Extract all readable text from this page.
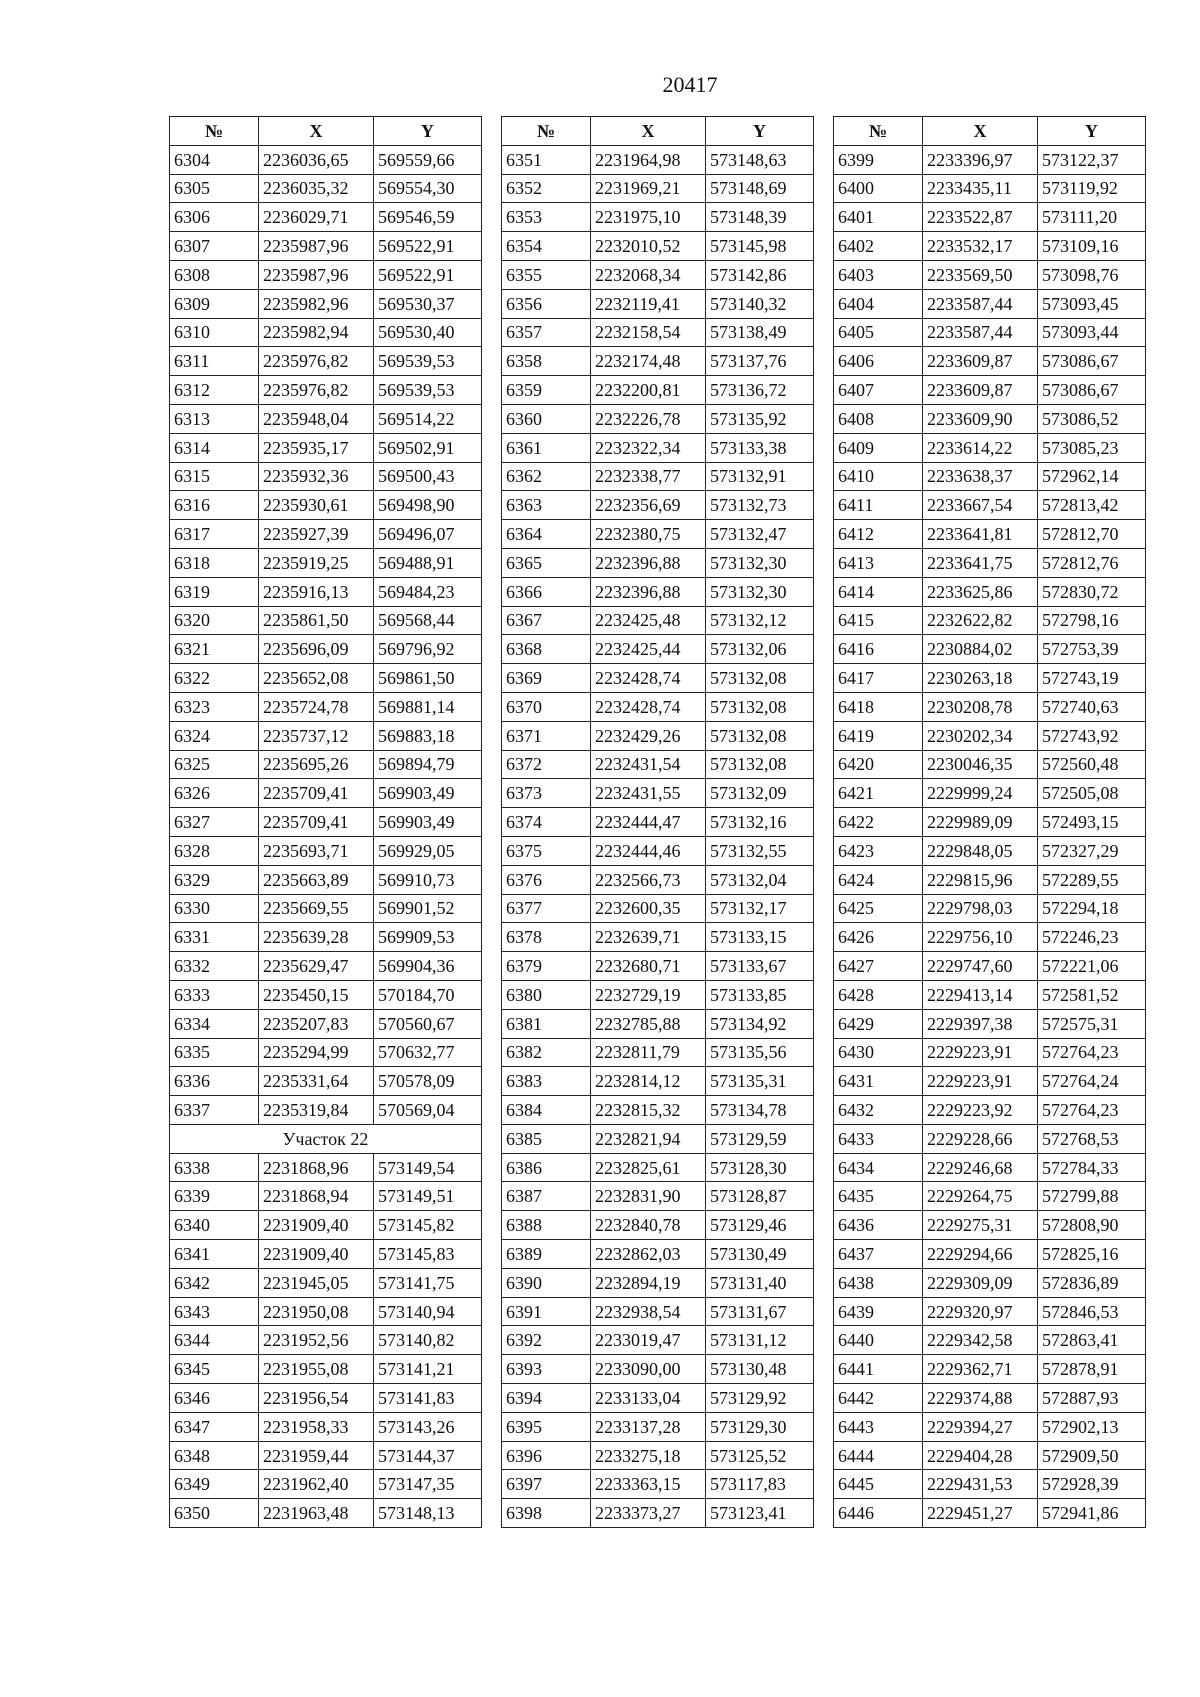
20417
№	X	Y
6304	2236036,65	569559,66
6305	2236035,32	569554,30
6306	2236029,71	569546,59
6307	2235987,96	569522,91
6308	2235987,96	569522,91
6309	2235982,96	569530,37
6310	2235982,94	569530,40
6311	2235976,82	569539,53
6312	2235976,82	569539,53
6313	2235948,04	569514,22
6314	2235935,17	569502,91
6315	2235932,36	569500,43
6316	2235930,61	569498,90
6317	2235927,39	569496,07
6318	2235919,25	569488,91
6319	2235916,13	569484,23
6320	2235861,50	569568,44
6321	2235696,09	569796,92
6322	2235652,08	569861,50
6323	2235724,78	569881,14
6324	2235737,12	569883,18
6325	2235695,26	569894,79
6326	2235709,41	569903,49
6327	2235709,41	569903,49
6328	2235693,71	569929,05
6329	2235663,89	569910,73
6330	2235669,55	569901,52
6331	2235639,28	569909,53
6332	2235629,47	569904,36
6333	2235450,15	570184,70
6334	2235207,83	570560,67
6335	2235294,99	570632,77
6336	2235331,64	570578,09
6337	2235319,84	570569,04
Участок 22		
6338	2231868,96	573149,54
6339	2231868,94	573149,51
6340	2231909,40	573145,82
6341	2231909,40	573145,83
6342	2231945,05	573141,75
6343	2231950,08	573140,94
6344	2231952,56	573140,82
6345	2231955,08	573141,21
6346	2231956,54	573141,83
6347	2231958,33	573143,26
6348	2231959,44	573144,37
6349	2231962,40	573147,35
6350	2231963,48	573148,13
№	X	Y
6351	2231964,98	573148,63
6352	2231969,21	573148,69
6353	2231975,10	573148,39
6354	2232010,52	573145,98
6355	2232068,34	573142,86
6356	2232119,41	573140,32
6357	2232158,54	573138,49
6358	2232174,48	573137,76
6359	2232200,81	573136,72
6360	2232226,78	573135,92
6361	2232322,34	573133,38
6362	2232338,77	573132,91
6363	2232356,69	573132,73
6364	2232380,75	573132,47
6365	2232396,88	573132,30
6366	2232396,88	573132,30
6367	2232425,48	573132,12
6368	2232425,44	573132,06
6369	2232428,74	573132,08
6370	2232428,74	573132,08
6371	2232429,26	573132,08
6372	2232431,54	573132,08
6373	2232431,55	573132,09
6374	2232444,47	573132,16
6375	2232444,46	573132,55
6376	2232566,73	573132,04
6377	2232600,35	573132,17
6378	2232639,71	573133,15
6379	2232680,71	573133,67
6380	2232729,19	573133,85
6381	2232785,88	573134,92
6382	2232811,79	573135,56
6383	2232814,12	573135,31
6384	2232815,32	573134,78
6385	2232821,94	573129,59
6386	2232825,61	573128,30
6387	2232831,90	573128,87
6388	2232840,78	573129,46
6389	2232862,03	573130,49
6390	2232894,19	573131,40
6391	2232938,54	573131,67
6392	2233019,47	573131,12
6393	2233090,00	573130,48
6394	2233133,04	573129,92
6395	2233137,28	573129,30
6396	2233275,18	573125,52
6397	2233363,15	573117,83
6398	2233373,27	573123,41
№	X	Y
6399	2233396,97	573122,37
6400	2233435,11	573119,92
6401	2233522,87	573111,20
6402	2233532,17	573109,16
6403	2233569,50	573098,76
6404	2233587,44	573093,45
6405	2233587,44	573093,44
6406	2233609,87	573086,67
6407	2233609,87	573086,67
6408	2233609,90	573086,52
6409	2233614,22	573085,23
6410	2233638,37	572962,14
6411	2233667,54	572813,42
6412	2233641,81	572812,70
6413	2233641,75	572812,76
6414	2233625,86	572830,72
6415	2232622,82	572798,16
6416	2230884,02	572753,39
6417	2230263,18	572743,19
6418	2230208,78	572740,63
6419	2230202,34	572743,92
6420	2230046,35	572560,48
6421	2229999,24	572505,08
6422	2229989,09	572493,15
6423	2229848,05	572327,29
6424	2229815,96	572289,55
6425	2229798,03	572294,18
6426	2229756,10	572246,23
6427	2229747,60	572221,06
6428	2229413,14	572581,52
6429	2229397,38	572575,31
6430	2229223,91	572764,23
6431	2229223,91	572764,24
6432	2229223,92	572764,23
6433	2229228,66	572768,53
6434	2229246,68	572784,33
6435	2229264,75	572799,88
6436	2229275,31	572808,90
6437	2229294,66	572825,16
6438	2229309,09	572836,89
6439	2229320,97	572846,53
6440	2229342,58	572863,41
6441	2229362,71	572878,91
6442	2229374,88	572887,93
6443	2229394,27	572902,13
6444	2229404,28	572909,50
6445	2229431,53	572928,39
6446	2229451,27	572941,86
